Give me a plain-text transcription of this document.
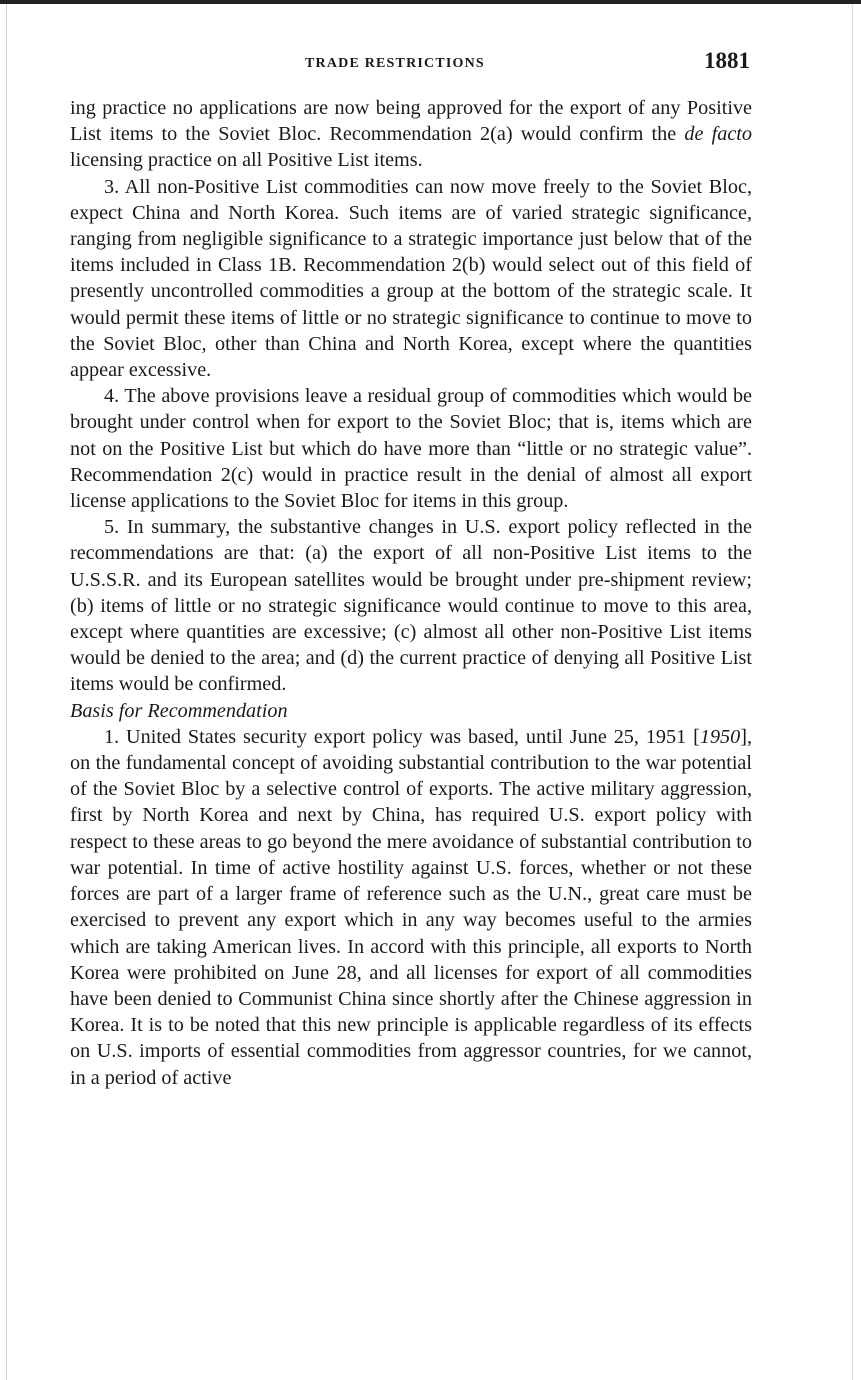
TRADE RESTRICTIONS	1881

ing practice no applications are now being approved for the export of any Positive List items to the Soviet Bloc. Recommendation 2(a) would confirm the de facto licensing practice on all Positive List items.

3. All non-Positive List commodities can now move freely to the Soviet Bloc, expect China and North Korea. Such items are of varied strategic significance, ranging from negligible significance to a strategic importance just below that of the items included in Class 1B. Recommendation 2(b) would select out of this field of presently uncontrolled commodities a group at the bottom of the strategic scale. It would permit these items of little or no strategic significance to continue to move to the Soviet Bloc, other than China and North Korea, except where the quantities appear excessive.

4. The above provisions leave a residual group of commodities which would be brought under control when for export to the Soviet Bloc; that is, items which are not on the Positive List but which do have more than “little or no strategic value”. Recommendation 2(c) would in practice result in the denial of almost all export license applications to the Soviet Bloc for items in this group.

5. In summary, the substantive changes in U.S. export policy reflected in the recommendations are that: (a) the export of all non-Positive List items to the U.S.S.R. and its European satellites would be brought under pre-shipment review; (b) items of little or no strategic significance would continue to move to this area, except where quantities are excessive; (c) almost all other non-Positive List items would be denied to the area; and (d) the current practice of denying all Positive List items would be confirmed.

Basis for Recommendation

1. United States security export policy was based, until June 25, 1951 [1950], on the fundamental concept of avoiding substantial contribution to the war potential of the Soviet Bloc by a selective control of exports. The active military aggression, first by North Korea and next by China, has required U.S. export policy with respect to these areas to go beyond the mere avoidance of substantial contribution to war potential. In time of active hostility against U.S. forces, whether or not these forces are part of a larger frame of reference such as the U.N., great care must be exercised to prevent any export which in any way becomes useful to the armies which are taking American lives. In accord with this principle, all exports to North Korea were prohibited on June 28, and all licenses for export of all commodities have been denied to Communist China since shortly after the Chinese aggression in Korea. It is to be noted that this new principle is applicable regardless of its effects on U.S. imports of essential commodities from aggressor countries, for we cannot, in a period of active
